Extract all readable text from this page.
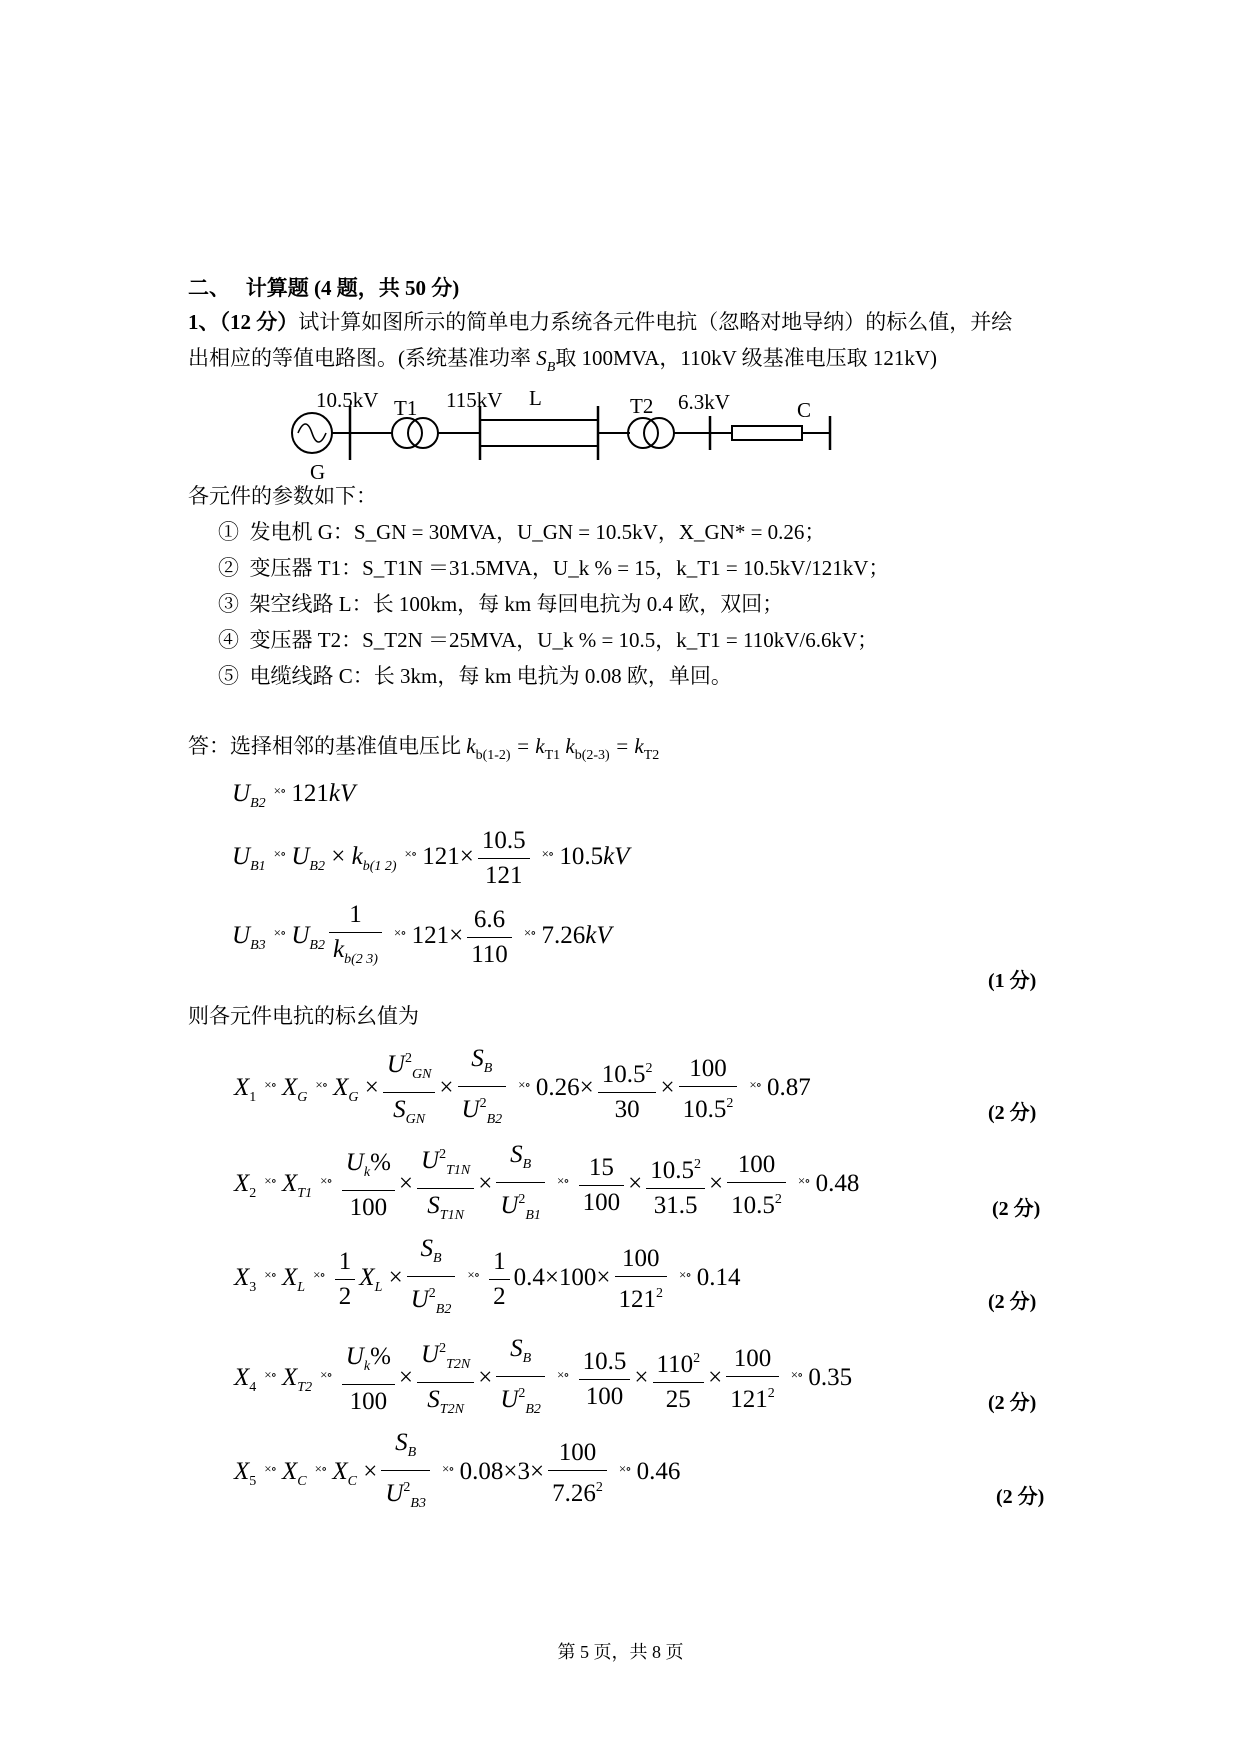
二、 计算题 (4 题，共 50 分)
1、（12 分）试计算如图所示的简单电力系统各元件电抗（忽略对地导纳）的标么值，并绘
出相应的等值电路图。(系统基准功率 $S_B$取 100MVA，110kV 级基准电压取 121kV)
10.5kV T1 115kV L	T2 6.3kV	C
G
各元件的参数如下：
① 发电机 G：S_GN = 30MVA，U_GN = 10.5kV，X_GN* = 0.26；
② 变压器 T1：S_T1N ＝31.5MVA，U_k % = 15，k_T1 = 10.5kV/121kV；
③ 架空线路 L：长 100km，每 km 每回电抗为 0.4 欧，双回；
④ 变压器 T2：S_T2N ＝25MVA，U_k % = 10.5，k_T1 = 110kV/6.6kV；
⑤ 电缆线路 C：长 3km，每 km 电抗为 0.08 欧，单回。
答：选择相邻的基准值电压比 $k_{b(1-2)} = k_{T1}$ $k_{b(2-3)} = k_{T2}$
$U_{B2}^{\times\circ}$ 121kV
$U_{B1}^{\times\circ}$ $U_{B2} \times k_{b(1 2)}^{\times\circ}$ $121\times \frac{10.5}{121} ^{\times\circ}$ 10.5kV
$U_{B3}^{\times\circ}$ $U_{B2} \frac{1}{k_{b(2 3)}} ^{\times\circ}$ $121\times \frac{6.6}{110} ^{\times\circ}$ 7.26kV
(1 分)
则各元件电抗的标幺值为
$X_1^{\times\circ}$ $X_G^{\times\circ}$ $X_G \times \frac{U^2_{GN}}{S_{GN}} \times \frac{S_B}{U^2_{B2}} ^{\times\circ}$ $0.26\times \frac{10.5^2}{30} \times \frac{100}{10.5^2} ^{\times\circ}$ 0.87
(2 分)
$X_2^{\times\circ}$ $X_{T1}^{\times\circ} \frac{U_k\%}{100} \times \frac{U^2_{T1N}}{S_{T1N}} \times \frac{S_B}{U^2_{B1}} ^{\times\circ} \frac{15}{100} \times \frac{10.5^2}{31.5} \times \frac{100}{10.5^2} ^{\times\circ}$ 0.48
(2 分)
$X_3^{\times\circ}$ $X_L^{\times\circ} \frac{1}{2} X_L \times \frac{S_B}{U^2_{B2}} ^{\times\circ} \frac{1}{2} 0.4\times 100\times \frac{100}{121^2} ^{\times\circ}$ 0.14
(2 分)
$X_4^{\times\circ}$ $X_{T2}^{\times\circ} \frac{U_k\%}{100} \times \frac{U^2_{T2N}}{S_{T2N}} \times \frac{S_B}{U^2_{B2}} ^{\times\circ} \frac{10.5}{100} \times \frac{110^2}{25} \times \frac{100}{121^2} ^{\times\circ}$ 0.35
(2 分)
$X_5^{\times\circ}$ $X_C^{\times\circ}$ $X_C \times \frac{S_B}{U^2_{B3}} ^{\times\circ}$ $0.08\times 3\times \frac{100}{7.26^2} ^{\times\circ}$ 0.46
(2 分)
第 5 页，共 8 页
